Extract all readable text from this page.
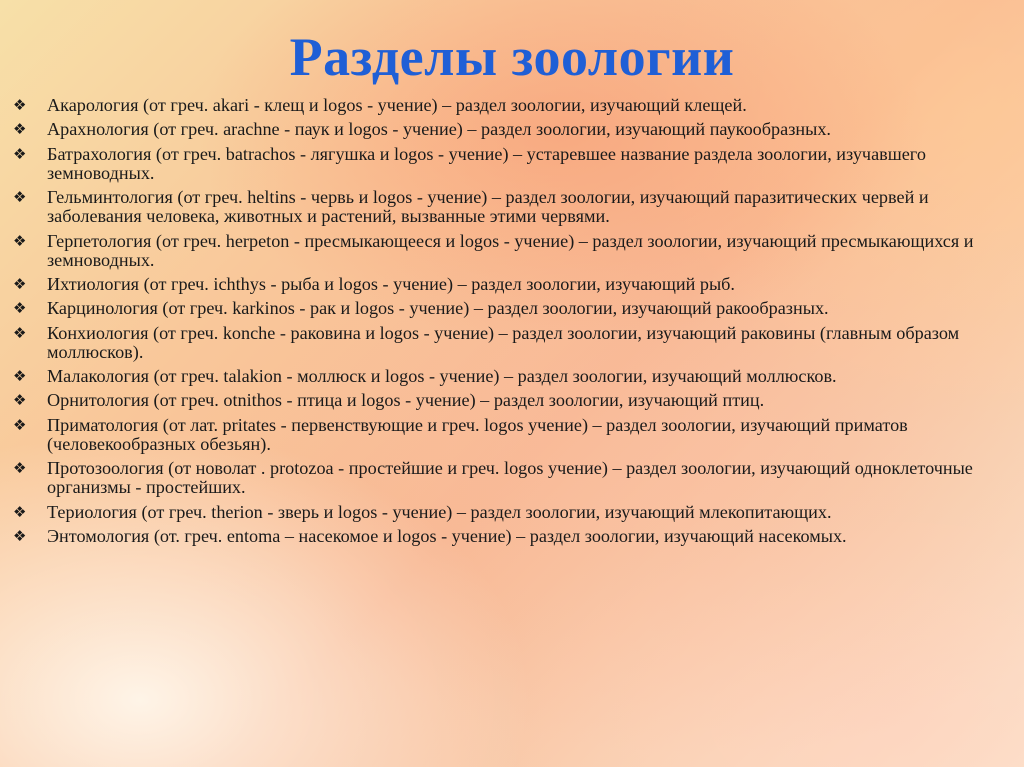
Разделы зоологии
❖	Акарология (от греч. akari - клещ и logos - учение) – раздел зоологии, изучающий клещей.
❖	Арахнология (от греч. arachne - паук и logos - учение) – раздел зоологии, изучающий паукообразных.
❖	Батрахология (от греч. batrachos - лягушка и logos - учение) – устаревшее название раздела зоологии, изучавшего земноводных.
❖	Гельминтология (от греч. heltins - червь и logos - учение) – раздел зоологии, изучающий паразитических червей и заболевания человека, животных и растений, вызванные этими червями.
❖	Герпетология (от греч. herpeton - пресмыкающееся и logos - учение) – раздел зоологии, изучающий пресмыкающихся и земноводных.
❖	Ихтиология (от греч. ichthys - рыба и logos - учение) – раздел зоологии, изучающий рыб.
❖	Карцинология (от греч. karkinos - рак и logos - учение) – раздел зоологии, изучающий ракообразных.
❖	Конхиология (от греч. konche - раковина и logos - учение) – раздел зоологии, изучающий раковины (главным образом моллюсков).
❖	Малакология (от греч. talakion - моллюск и logos - учение) – раздел зоологии, изучающий моллюсков.
❖	Орнитология (от греч. otnithos - птица и logos - учение) – раздел зоологии, изучающий птиц.
❖	Приматология (от лат. pritates - первенствующие и греч. logos учение) – раздел зоологии, изучающий приматов (человекообразных обезьян).
❖	Протозоология (от новолат . protozoa - простейшие и греч. logos учение) – раздел зоологии, изучающий одноклеточные организмы - простейших.
❖	Териология (от греч. therion - зверь и logos - учение) – раздел зоологии, изучающий млекопитающих.
❖	Энтомология (от. греч. entoma – насекомое и logos - учение) – раздел зоологии, изучающий насекомых.
